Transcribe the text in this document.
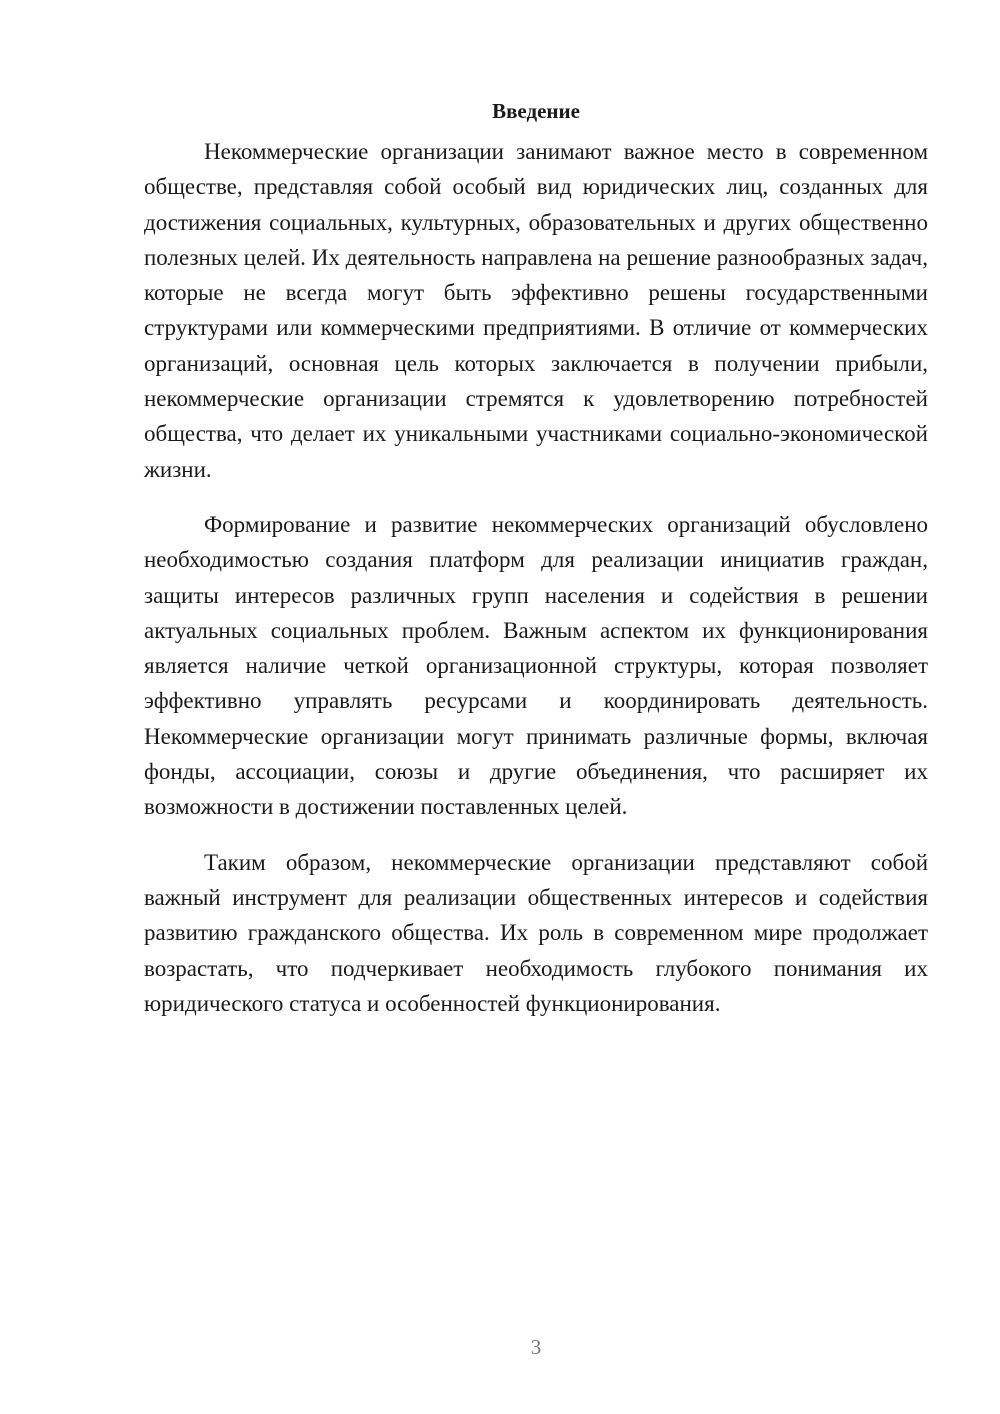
Введение

Некоммерческие организации занимают важное место в современном обществе, представляя собой особый вид юридических лиц, созданных для достижения социальных, культурных, образовательных и других общественно полезных целей. Их деятельность направлена на решение разнообразных задач, которые не всегда могут быть эффективно решены государственными структурами или коммерческими предприятиями. В отличие от коммерческих организаций, основная цель которых заключается в получении прибыли, некоммерческие организации стремятся к удовлетворению потребностей общества, что делает их уникальными участниками социально-экономической жизни.

Формирование и развитие некоммерческих организаций обусловлено необходимостью создания платформ для реализации инициатив граждан, защиты интересов различных групп населения и содействия в решении актуальных социальных проблем. Важным аспектом их функционирования является наличие четкой организационной структуры, которая позволяет эффективно управлять ресурсами и координировать деятельность. Некоммерческие организации могут принимать различные формы, включая фонды, ассоциации, союзы и другие объединения, что расширяет их возможности в достижении поставленных целей.

Таким образом, некоммерческие организации представляют собой важный инструмент для реализации общественных интересов и содействия развитию гражданского общества. Их роль в современном мире продолжает возрастать, что подчеркивает необходимость глубокого понимания их юридического статуса и особенностей функционирования.

3
